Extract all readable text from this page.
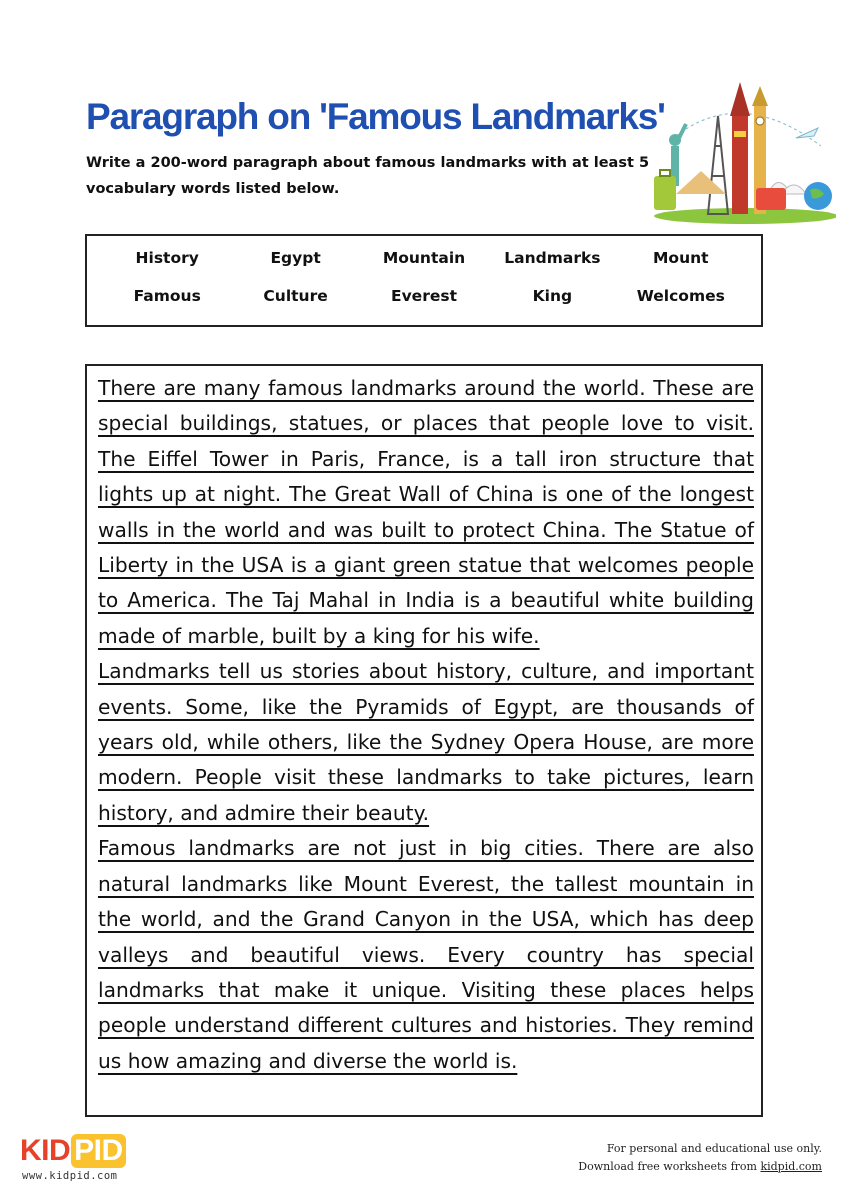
Paragraph on 'Famous Landmarks'
Write a 200-word paragraph about famous landmarks with at least 5 vocabulary words listed below.
History	Egypt	Mountain	Landmarks	Mount
Famous	Culture	Everest	King	Welcomes

There are many famous landmarks around the world. These are special buildings, statues, or places that people love to visit. The Eiffel Tower in Paris, France, is a tall iron structure that lights up at night. The Great Wall of China is one of the longest walls in the world and was built to protect China. The Statue of Liberty in the USA is a giant green statue that welcomes people to America. The Taj Mahal in India is a beautiful white building made of marble, built by a king for his wife.

Landmarks tell us stories about history, culture, and important events. Some, like the Pyramids of Egypt, are thousands of years old, while others, like the Sydney Opera House, are more modern. People visit these landmarks to take pictures, learn history, and admire their beauty.

Famous landmarks are not just in big cities. There are also natural landmarks like Mount Everest, the tallest mountain in the world, and the Grand Canyon in the USA, which has deep valleys and beautiful views. Every country has special landmarks that make it unique. Visiting these places helps people understand different cultures and histories. They remind us how amazing and diverse the world is.

KID PID
www.kidpid.com
For personal and educational use only.
Download free worksheets from kidpid.com
